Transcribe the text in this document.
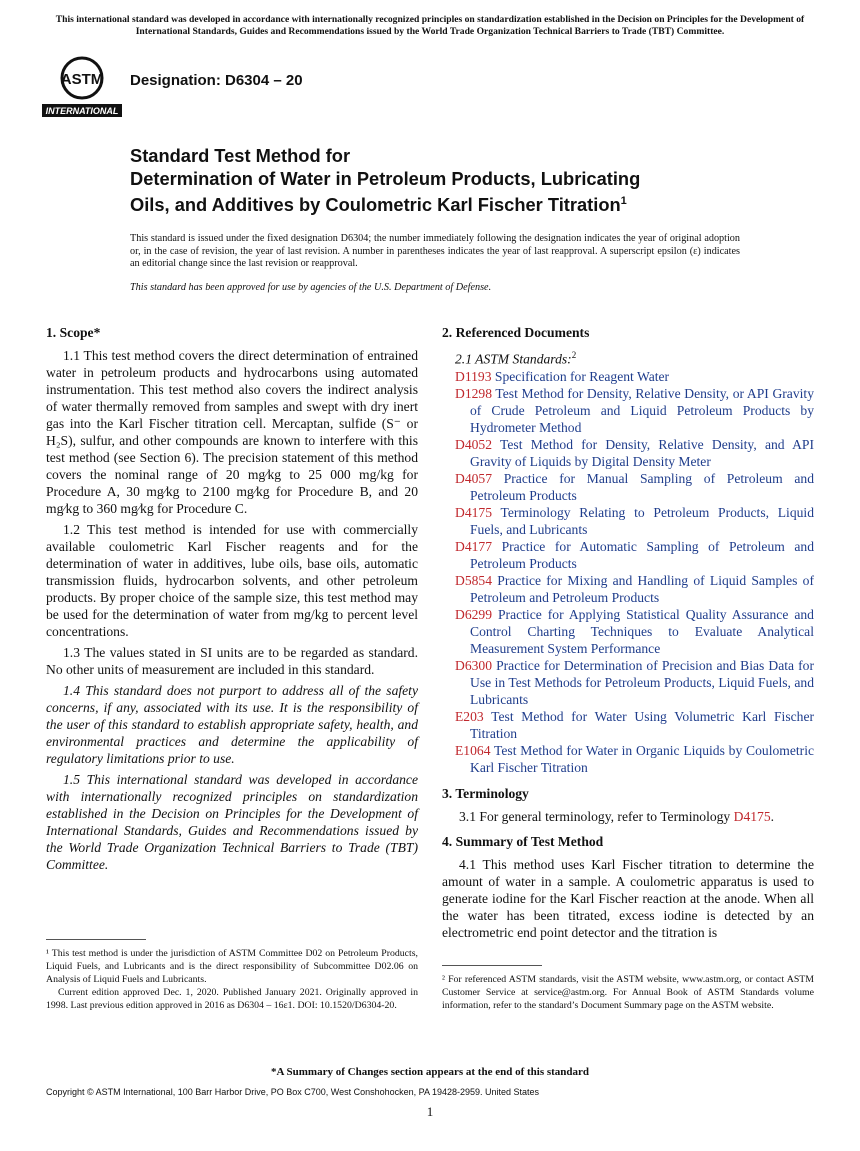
This international standard was developed in accordance with internationally recognized principles on standardization established in the Decision on Principles for the Development of International Standards, Guides and Recommendations issued by the World Trade Organization Technical Barriers to Trade (TBT) Committee.
ASTM
INTERNATIONAL
Designation: D6304 – 20
Standard Test Method for
Determination of Water in Petroleum Products, Lubricating
Oils, and Additives by Coulometric Karl Fischer Titration$^1$
This standard is issued under the fixed designation D6304; the number immediately following the designation indicates the year of original adoption or, in the case of revision, the year of last revision. A number in parentheses indicates the year of last reapproval. A superscript epsilon (ε) indicates an editorial change since the last revision or reapproval.
This standard has been approved for use by agencies of the U.S. Department of Defense.
1. Scope*
1.1 This test method covers the direct determination of entrained water in petroleum products and hydrocarbons using automated instrumentation. This test method also covers the indirect analysis of water thermally removed from samples and swept with dry inert gas into the Karl Fischer titration cell. Mercaptan, sulfide (S⁻ or H₂S), sulfur, and other compounds are known to interfere with this test method (see Section 6). The precision statement of this method covers the nominal range of 20 mg⁄kg to 25 000 mg/kg for Procedure A, 30 mg⁄kg to 2100 mg⁄kg for Procedure B, and 20 mg⁄kg to 360 mg⁄kg for Procedure C.
1.2 This test method is intended for use with commercially available coulometric Karl Fischer reagents and for the determination of water in additives, lube oils, base oils, automatic transmission fluids, hydrocarbon solvents, and other petroleum products. By proper choice of the sample size, this test method may be used for the determination of water from mg/kg to percent level concentrations.
1.3 The values stated in SI units are to be regarded as standard. No other units of measurement are included in this standard.
1.4 This standard does not purport to address all of the safety concerns, if any, associated with its use. It is the responsibility of the user of this standard to establish appropriate safety, health, and environmental practices and determine the applicability of regulatory limitations prior to use.
1.5 This international standard was developed in accordance with internationally recognized principles on standardization established in the Decision on Principles for the Development of International Standards, Guides and Recommendations issued by the World Trade Organization Technical Barriers to Trade (TBT) Committee.
2. Referenced Documents
2.1 ASTM Standards:$^2$
D1193 Specification for Reagent Water
D1298 Test Method for Density, Relative Density, or API Gravity of Crude Petroleum and Liquid Petroleum Products by Hydrometer Method
D4052 Test Method for Density, Relative Density, and API Gravity of Liquids by Digital Density Meter
D4057 Practice for Manual Sampling of Petroleum and Petroleum Products
D4175 Terminology Relating to Petroleum Products, Liquid Fuels, and Lubricants
D4177 Practice for Automatic Sampling of Petroleum and Petroleum Products
D5854 Practice for Mixing and Handling of Liquid Samples of Petroleum and Petroleum Products
D6299 Practice for Applying Statistical Quality Assurance and Control Charting Techniques to Evaluate Analytical Measurement System Performance
D6300 Practice for Determination of Precision and Bias Data for Use in Test Methods for Petroleum Products, Liquid Fuels, and Lubricants
E203 Test Method for Water Using Volumetric Karl Fischer Titration
E1064 Test Method for Water in Organic Liquids by Coulometric Karl Fischer Titration
3. Terminology
3.1 For general terminology, refer to Terminology D4175.
4. Summary of Test Method
4.1 This method uses Karl Fischer titration to determine the amount of water in a sample. A coulometric apparatus is used to generate iodine for the Karl Fischer reaction at the anode. When all the water has been titrated, excess iodine is detected by an electrometric end point detector and the titration is

¹ This test method is under the jurisdiction of ASTM Committee D02 on Petroleum Products, Liquid Fuels, and Lubricants and is the direct responsibility of Subcommittee D02.06 on Analysis of Liquid Fuels and Lubricants.

Current edition approved Dec. 1, 2020. Published January 2021. Originally approved in 1998. Last previous edition approved in 2016 as D6304 – 16ε1. DOI: 10.1520/D6304-20.

² For referenced ASTM standards, visit the ASTM website, www.astm.org, or contact ASTM Customer Service at service@astm.org. For Annual Book of ASTM Standards volume information, refer to the standard’s Document Summary page on the ASTM website.
*A Summary of Changes section appears at the end of this standard
Copyright © ASTM International, 100 Barr Harbor Drive, PO Box C700, West Conshohocken, PA 19428-2959. United States
1
